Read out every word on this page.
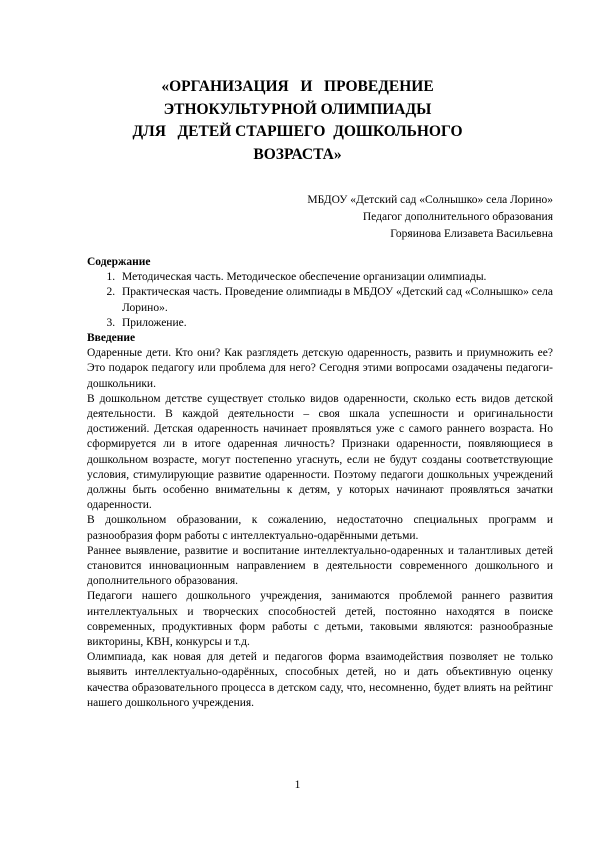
«ОРГАНИЗАЦИЯ   И   ПРОВЕДЕНИЕ
ЭТНОКУЛЬТУРНОЙ ОЛИМПИАДЫ
ДЛЯ   ДЕТЕЙ СТАРШЕГО  ДОШКОЛЬНОГО
ВОЗРАСТА»
МБДОУ «Детский сад «Солнышко» села Лорино»
Педагог дополнительного образования
Горяинова Елизавета Васильевна
Содержание
1. Методическая часть. Методическое обеспечение организации олимпиады.
2. Практическая часть. Проведение олимпиады в МБДОУ «Детский сад «Солнышко» села Лорино».
3. Приложение.
Введение

Одаренные дети. Кто они? Как разглядеть детскую одаренность, развить и приумножить ее? Это подарок педагогу или проблема для него? Сегодня этими вопросами озадачены педагоги-дошкольники.

В дошкольном детстве существует столько видов одаренности, сколько есть видов детской деятельности. В каждой деятельности – своя шкала успешности и оригинальности достижений. Детская одаренность начинает проявляться уже с самого раннего возраста. Но сформируется ли в итоге одаренная личность? Признаки одаренности, появляющиеся в дошкольном возрасте, могут постепенно угаснуть, если не будут созданы соответствующие условия, стимулирующие развитие одаренности. Поэтому педагоги дошкольных учреждений должны быть особенно внимательны к детям, у которых начинают проявляться зачатки одаренности.

В дошкольном образовании, к сожалению, недостаточно специальных программ и разнообразия форм работы с интеллектуально-одарёнными детьми.

Раннее выявление, развитие и воспитание интеллектуально-одаренных и талантливых детей становится инновационным направлением в деятельности современного дошкольного и дополнительного образования.

Педагоги нашего дошкольного учреждения, занимаются проблемой раннего развития интеллектуальных и творческих способностей детей, постоянно находятся в поиске современных, продуктивных форм работы с детьми, таковыми являются: разнообразные викторины, КВН, конкурсы и т.д.

Олимпиада, как новая для детей и педагогов форма взаимодействия позволяет не только выявить интеллектуально-одарённых, способных детей, но и дать объективную оценку качества образовательного процесса в детском саду, что, несомненно, будет влиять на рейтинг нашего дошкольного учреждения.

1
